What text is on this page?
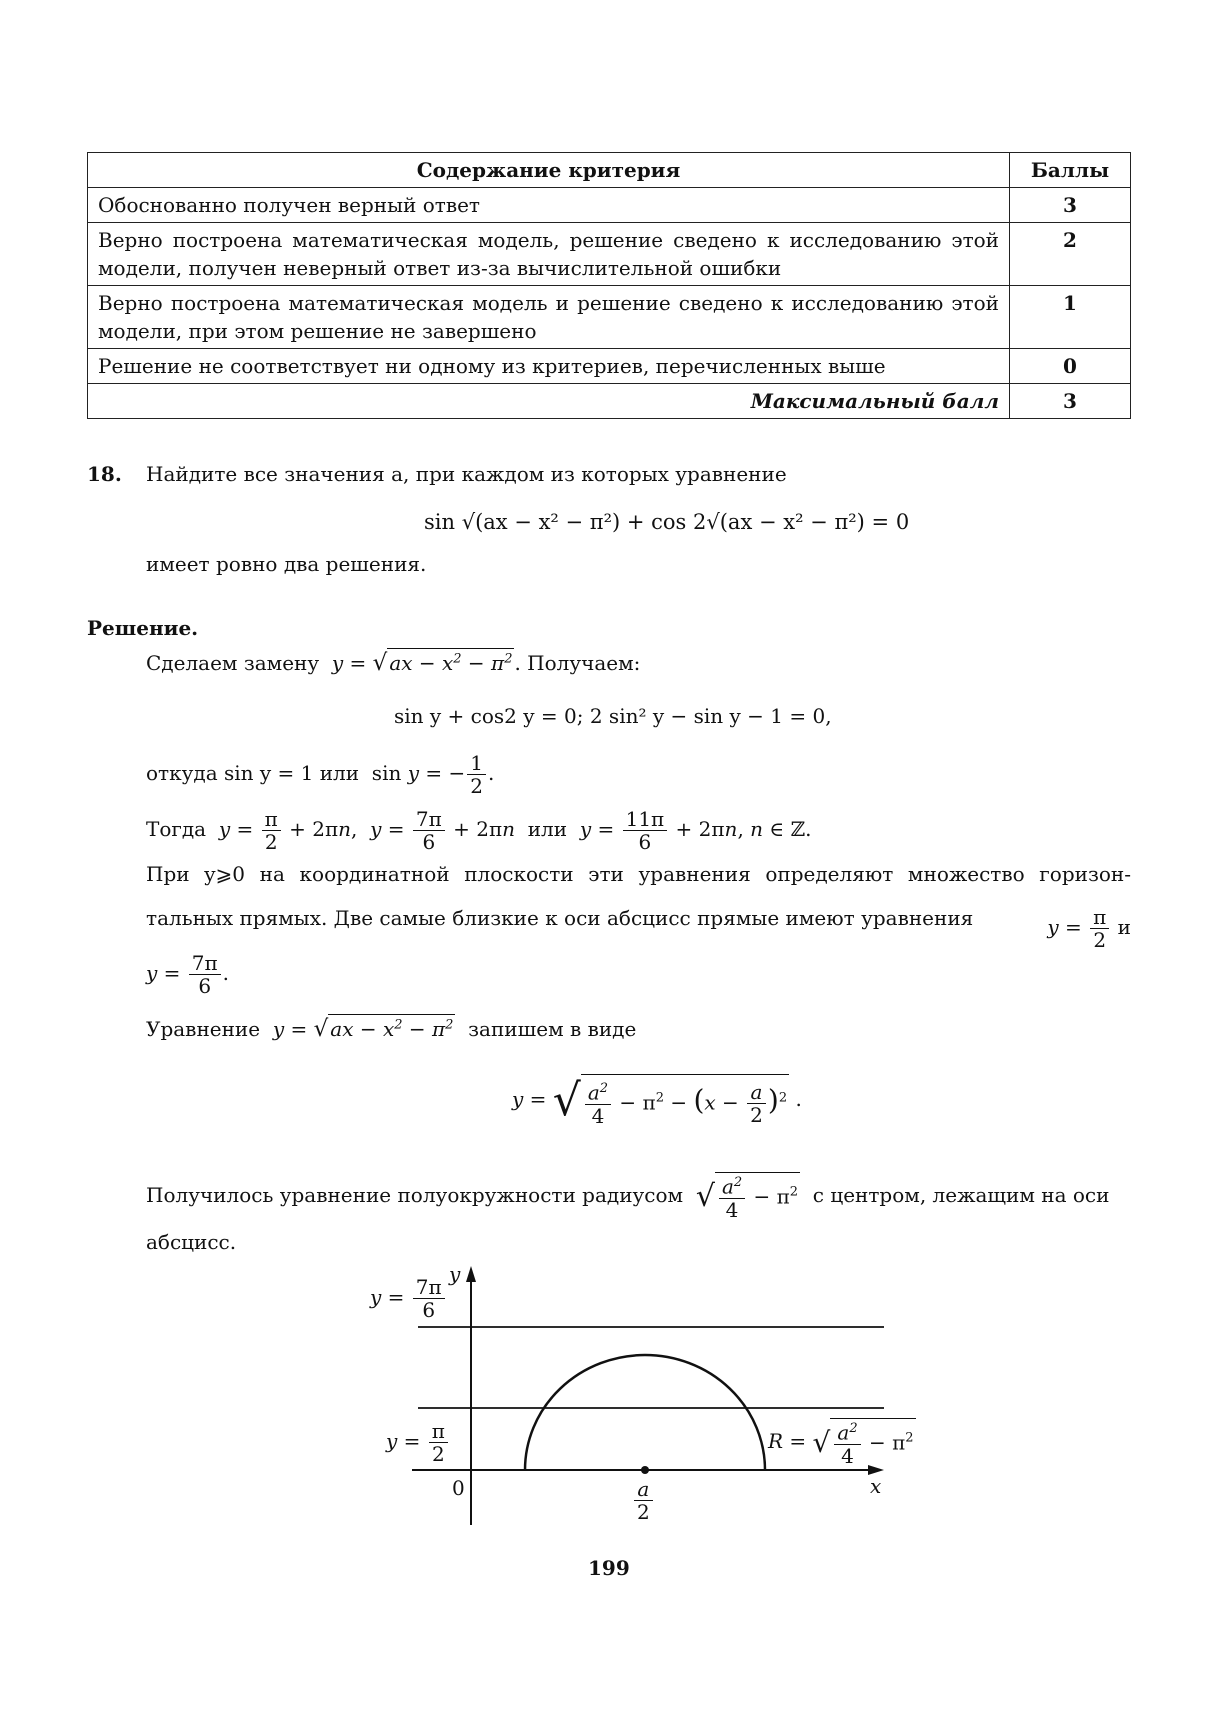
Содержание критерия	Баллы
Обоснованно получен верный ответ	3
Верно построена математическая модель, решение сведено к исследованию этой модели, получен неверный ответ из-за вычислительной ошибки	2
Верно построена математическая модель и решение сведено к исследованию этой модели, при этом решение не завершено	1
Решение не соответствует ни одному из критериев, перечисленных выше	0
Максимальный балл	3
18. Найдите все значения a, при каждом из которых уравнение
sin √(ax − x² − π²) + cos 2√(ax − x² − π²) = 0
имеет ровно два решения.
Решение.
Сделаем замену  y = √ ax − $x^2 - \pi^2$ . Получаем:
sin y + cos2 y = 0; 2 sin² y − sin y − 1 = 0,
откуда sin y = 1 или  sin y = − $\frac{1}{2}$ .
Тогда $y = \frac{\pi}{2} + 2\pi n$,  $y = \frac{7\pi}{6} + 2\pi n$ или $y = \frac{11\pi}{6} + 2\pi n$, n ∈ ℤ.
При y⩾0 на координатной плоскости эти уравнения определяют множество горизон-
тальных прямых. Две самые близкие к оси абсцисс прямые имеют уравнения	$y = \frac{\pi}{2}$ и
$y = \frac{7\pi}{6}$ .
Уравнение  y = √ ax − $x^2 - \pi^2$ запишем в виде
y = √ $\frac{a^2}{4} - \pi^2 - (x - \frac{a}{2} )^2$ .
Получилось уравнение полуокружности радиусом √ $\frac{a^2}{4} - \pi^2$ с центром, лежащим на оси
абсцисс.
$y = \frac{7\pi}{6}$
y
$y = \frac{\pi}{2}$
0	x
$\frac{a}{2}$
R = √ $\frac{a^2}{4} - \pi^2$
199
